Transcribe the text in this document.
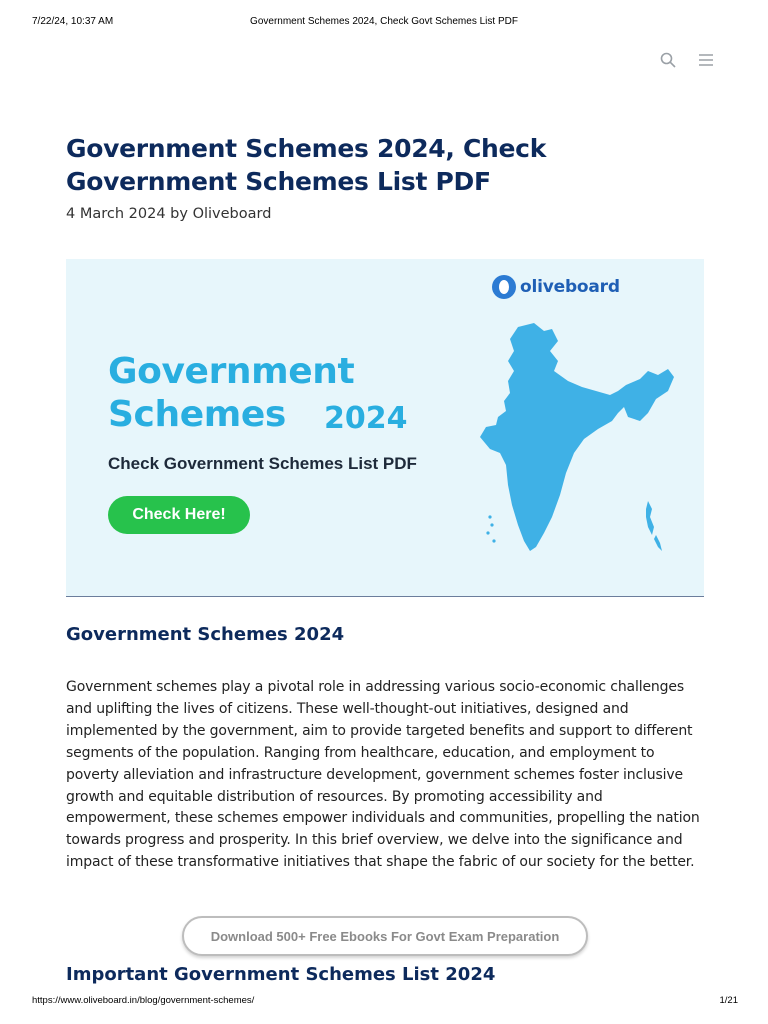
7/22/24, 10:37 AM	Government Schemes 2024, Check Govt Schemes List PDF
Government Schemes 2024, Check Government Schemes List PDF
4 March 2024 by Oliveboard
oliveboard
Government
Schemes 2024
Check Government Schemes List PDF
Check Here!
Government Schemes 2024

Government schemes play a pivotal role in addressing various socio-economic challenges and uplifting the lives of citizens. These well-thought-out initiatives, designed and implemented by the government, aim to provide targeted benefits and support to different segments of the population. Ranging from healthcare, education, and employment to poverty alleviation and infrastructure development, government schemes foster inclusive growth and equitable distribution of resources. By promoting accessibility and empowerment, these schemes empower individuals and communities, propelling the nation towards progress and prosperity. In this brief overview, we delve into the significance and impact of these transformative initiatives that shape the fabric of our society for the better.

Download 500+ Free Ebooks For Govt Exam Preparation
Important Government Schemes List 2024
https://www.oliveboard.in/blog/government-schemes/	1/21
